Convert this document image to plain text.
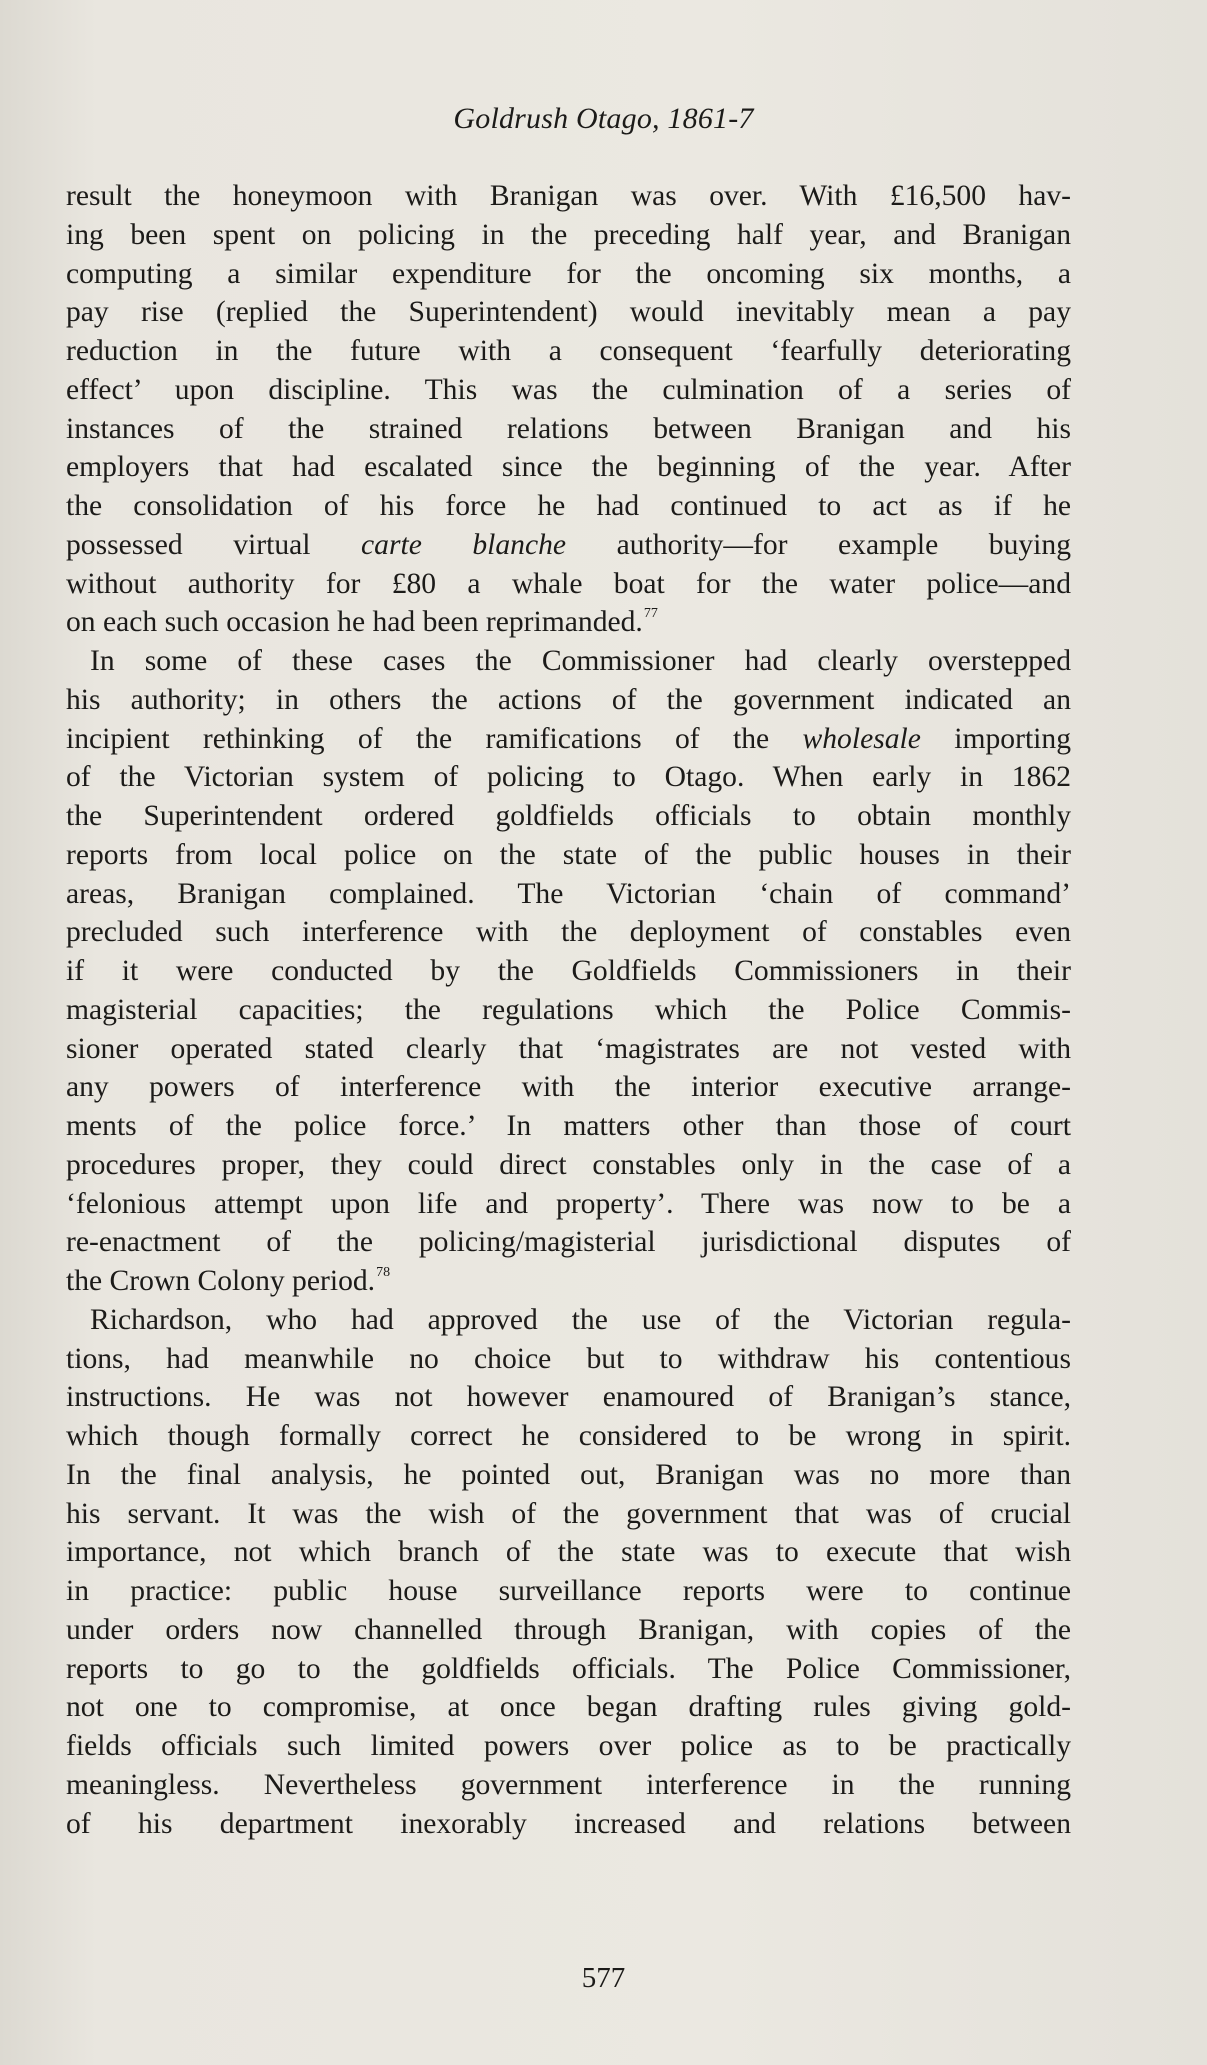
Goldrush Otago, 1861-7
result the honeymoon with Branigan was over. With £16,500 hav-
ing been spent on policing in the preceding half year, and Branigan
computing a similar expenditure for the oncoming six months, a
pay rise (replied the Superintendent) would inevitably mean a pay
reduction in the future with a consequent ‘fearfully deteriorating
effect’ upon discipline. This was the culmination of a series of
instances of the strained relations between Branigan and his
employers that had escalated since the beginning of the year. After
the consolidation of his force he had continued to act as if he
possessed virtual carte blanche authority—for example buying
without authority for £80 a whale boat for the water police—and
on each such occasion he had been reprimanded.$^{77}$
In some of these cases the Commissioner had clearly overstepped
his authority; in others the actions of the government indicated an
incipient rethinking of the ramifications of the wholesale importing
of the Victorian system of policing to Otago. When early in 1862
the Superintendent ordered goldfields officials to obtain monthly
reports from local police on the state of the public houses in their
areas, Branigan complained. The Victorian ‘chain of command’
precluded such interference with the deployment of constables even
if it were conducted by the Goldfields Commissioners in their
magisterial capacities; the regulations which the Police Commis-
sioner operated stated clearly that ‘magistrates are not vested with
any powers of interference with the interior executive arrange-
ments of the police force.’ In matters other than those of court
procedures proper, they could direct constables only in the case of a
‘felonious attempt upon life and property’. There was now to be a
re-enactment of the policing/magisterial jurisdictional disputes of
the Crown Colony period.$^{78}$
Richardson, who had approved the use of the Victorian regula-
tions, had meanwhile no choice but to withdraw his contentious
instructions. He was not however enamoured of Branigan’s stance,
which though formally correct he considered to be wrong in spirit.
In the final analysis, he pointed out, Branigan was no more than
his servant. It was the wish of the government that was of crucial
importance, not which branch of the state was to execute that wish
in practice: public house surveillance reports were to continue
under orders now channelled through Branigan, with copies of the
reports to go to the goldfields officials. The Police Commissioner,
not one to compromise, at once began drafting rules giving gold-
fields officials such limited powers over police as to be practically
meaningless. Nevertheless government interference in the running
of his department inexorably increased and relations between
577
